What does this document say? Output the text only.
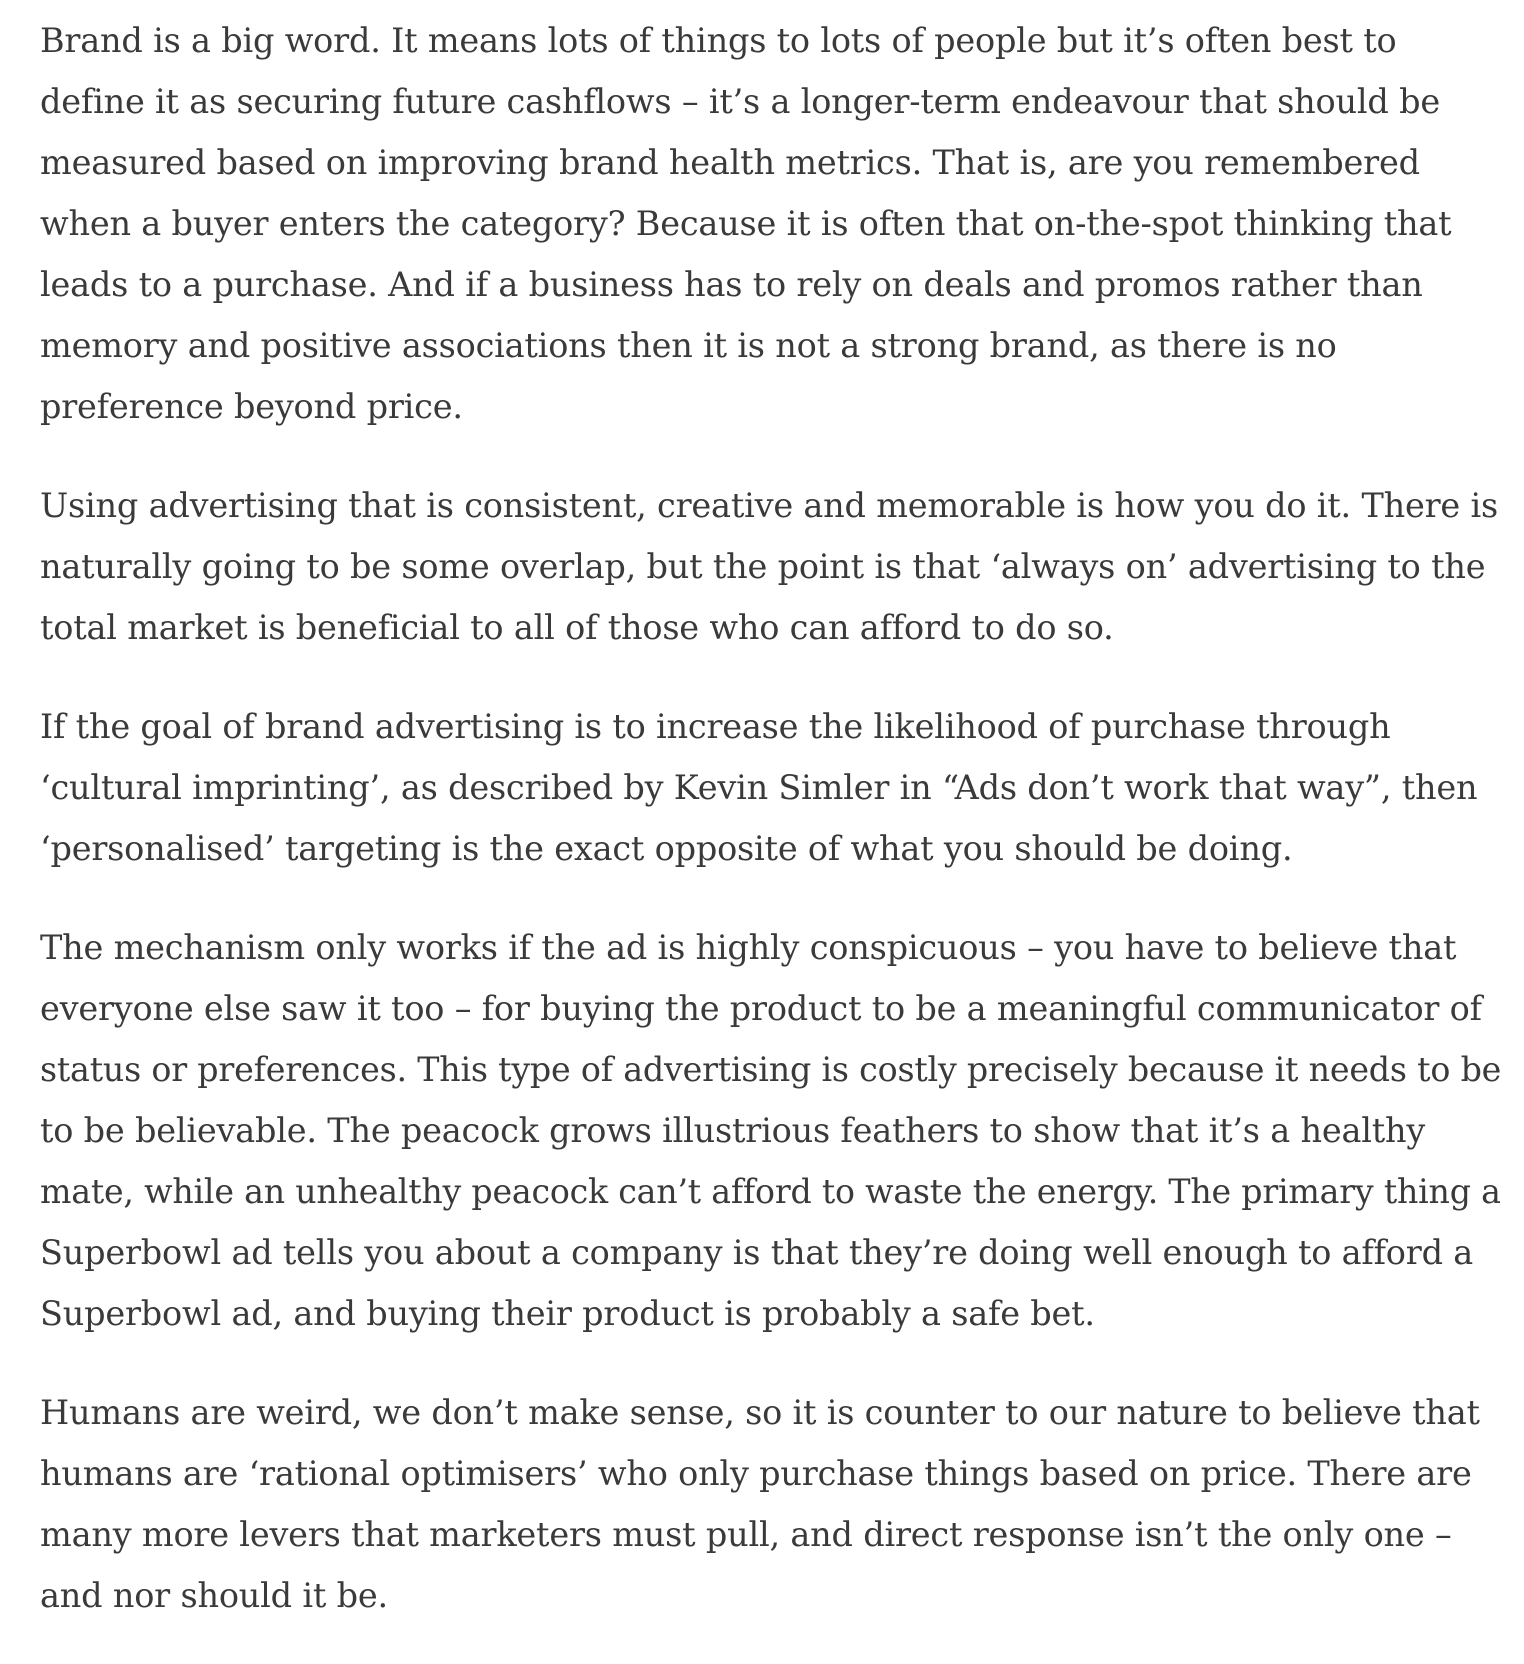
Brand is a big word. It means lots of things to lots of people but it’s often best to
define it as securing future cashflows – it’s a longer-term endeavour that should be
measured based on improving brand health metrics. That is, are you remembered
when a buyer enters the category? Because it is often that on-the-spot thinking that
leads to a purchase. And if a business has to rely on deals and promos rather than
memory and positive associations then it is not a strong brand, as there is no
preference beyond price.

Using advertising that is consistent, creative and memorable is how you do it. There is
naturally going to be some overlap, but the point is that ‘always on’ advertising to the
total market is beneficial to all of those who can afford to do so.

If the goal of brand advertising is to increase the likelihood of purchase through
‘cultural imprinting’, as described by Kevin Simler in “Ads don’t work that way”, then
‘personalised’ targeting is the exact opposite of what you should be doing.

The mechanism only works if the ad is highly conspicuous – you have to believe that
everyone else saw it too – for buying the product to be a meaningful communicator of
status or preferences. This type of advertising is costly precisely because it needs to be
to be believable. The peacock grows illustrious feathers to show that it’s a healthy
mate, while an unhealthy peacock can’t afford to waste the energy. The primary thing a
Superbowl ad tells you about a company is that they’re doing well enough to afford a
Superbowl ad, and buying their product is probably a safe bet.

Humans are weird, we don’t make sense, so it is counter to our nature to believe that
humans are ‘rational optimisers’ who only purchase things based on price. There are
many more levers that marketers must pull, and direct response isn’t the only one –
and nor should it be.
